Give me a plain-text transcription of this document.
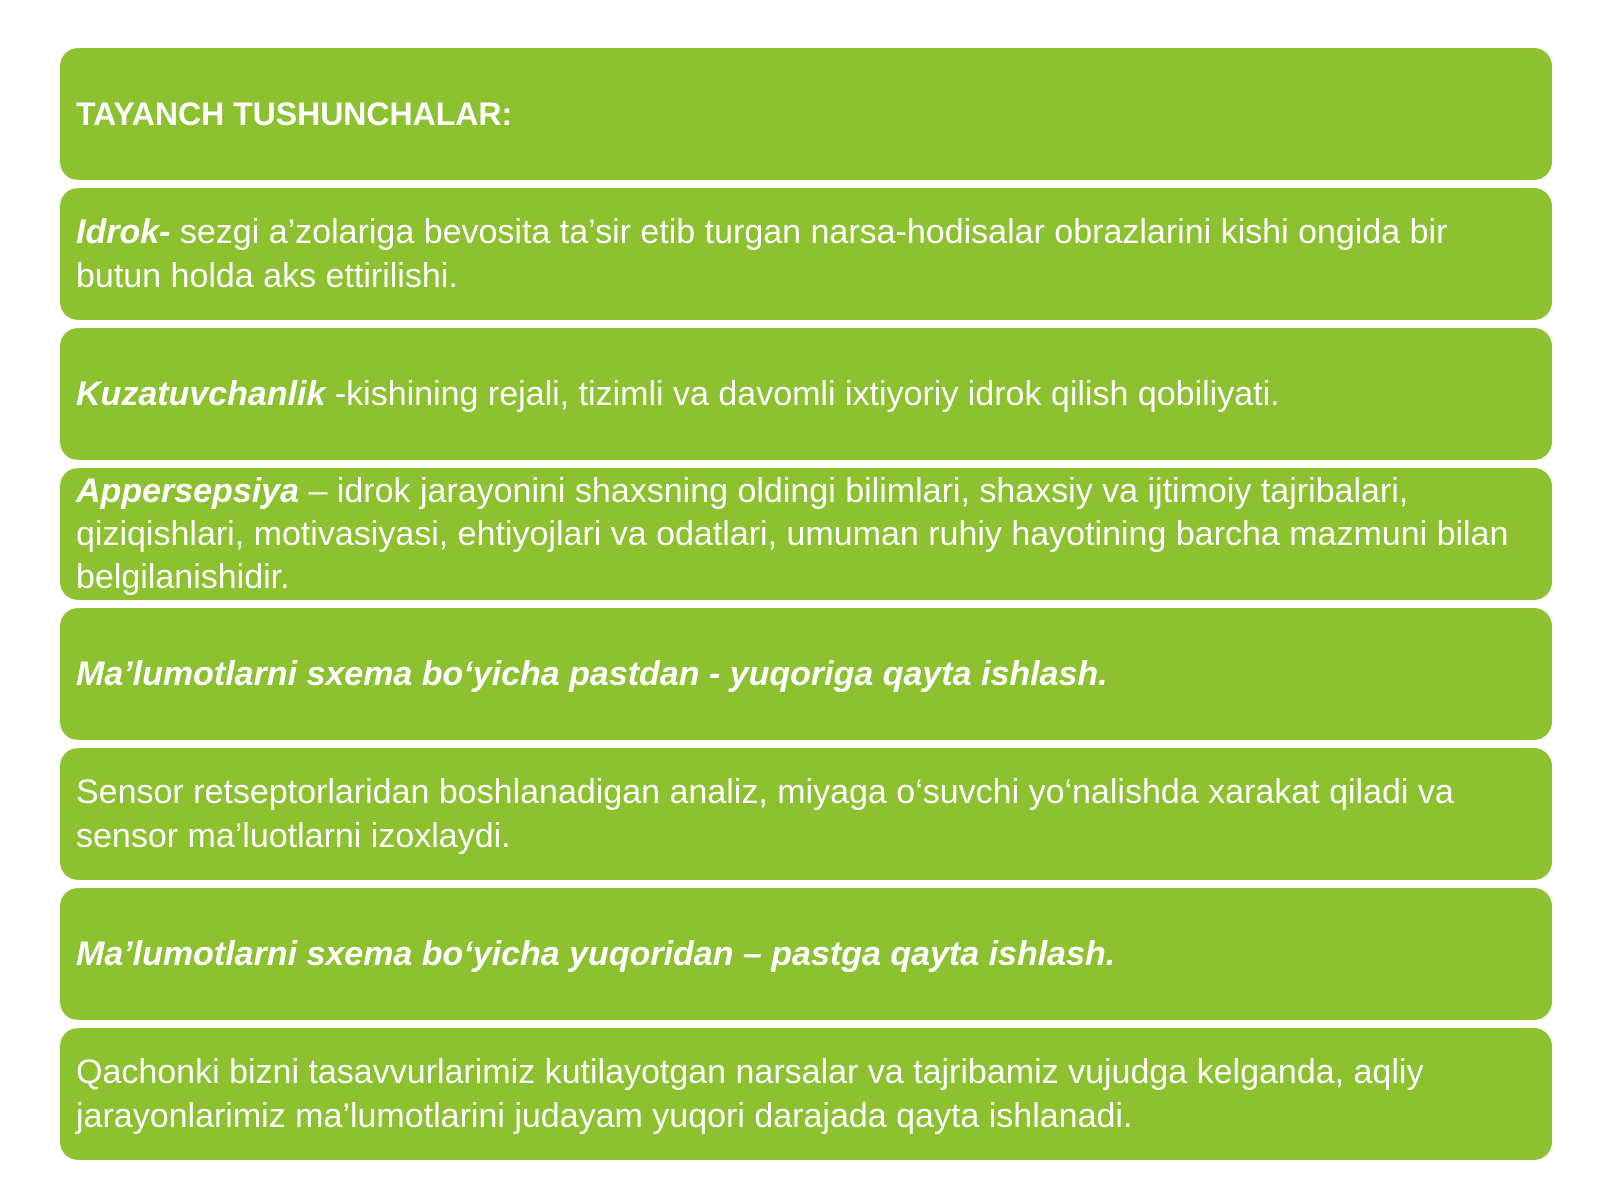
TAYANCH TUSHUNCHALAR:
Idrok- sezgi a’zolariga bevosita ta’sir etib turgan narsa-hodisalar obrazlarini kishi ongida bir butun holda aks ettirilishi.
Kuzatuvchanlik -kishining rejali, tizimli va davomli ixtiyoriy idrok qilish qobiliyati.
Appersepsiya – idrok jarayonini shaxsning oldingi bilimlari, shaxsiy va ijtimoiy tajribalari, qiziqishlari, motivasiyasi, ehtiyojlari va odatlari, umuman ruhiy hayotining barcha mazmuni bilan belgilanishidir.
Ma’lumotlarni sxema bo‘yicha pastdan - yuqoriga qayta ishlash.
Sensor retseptorlaridan boshlanadigan analiz, miyaga o‘suvchi yo‘nalishda xarakat qiladi va sensor ma’luotlarni izoxlaydi.
Ma’lumotlarni sxema bo‘yicha yuqoridan – pastga qayta ishlash.
Qachonki bizni tasavvurlarimiz kutilayotgan narsalar va tajribamiz vujudga kelganda, aqliy jarayonlarimiz ma’lumotlarini judayam yuqori darajada qayta ishlanadi.
